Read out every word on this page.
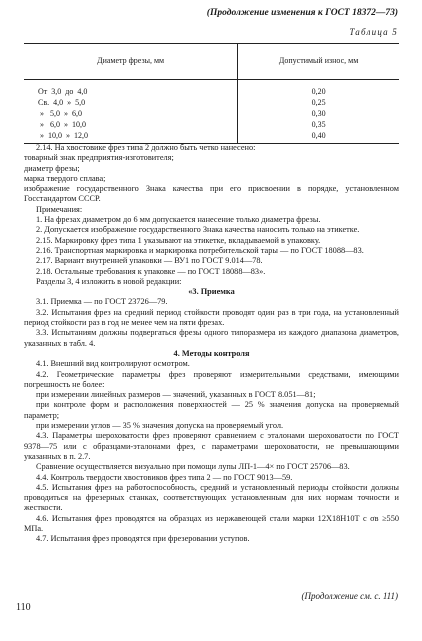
(Продолжение изменения к ГОСТ 18372—73)
Таблица 5
Диаметр фрезы, мм	Допустимый износ, мм

От  3,0  до  4,0	0,20
Св.  4,0  »  5,0	0,25
»   5,0  »  6,0	0,30
»   6,0  »  10,0	0,35
»  10,0  »  12,0	0,40

2.14. На хвостовике фрез типа 2 должно быть четко нанесено:

товарный знак предприятия-изготовителя;

диаметр фрезы;

марка твердого сплава;

изображение государственного Знака качества при его присвоении в порядке, установленном Госстандартом СССР.

Примечания:

1. На фрезах диаметром до 6 мм допускается нанесение только диаметра фрезы.

2. Допускается изображение государственного Знака качества наносить только на этикетке.

2.15. Маркировку фрез типа 1 указывают на этикетке, вкладываемой в упаковку.

2.16. Транспортная маркировка и маркировка потребительской тары — по ГОСТ 18088—83.

2.17. Вариант внутренней упаковки — ВУ1 по ГОСТ 9.014—78.

2.18. Остальные требования к упаковке — по ГОСТ 18088—83».

Разделы 3, 4 изложить в новой редакции:

«3. Приемка

3.1. Приемка — по ГОСТ 23726—79.

3.2. Испытания фрез на средний период стойкости проводят один раз в три года, на установленный период стойкости раз в год не менее чем на пяти фрезах.

3.3. Испытаниям должны подвергаться фрезы одного типоразмера из каждого диапазона диаметров, указанных в табл. 4.

4. Методы контроля

4.1. Внешний вид контролируют осмотром.

4.2. Геометрические параметры фрез проверяют измерительными средствами, имеющими погрешность не более:

при измерении линейных размеров — значений, указанных в ГОСТ 8.051—81;

при контроле форм и расположения поверхностей — 25 % значения допуска на проверяемый параметр;

при измерении углов — 35 % значения допуска на проверяемый угол.

4.3. Параметры шероховатости фрез проверяют сравнением с эталонами шероховатости по ГОСТ 9378—75 или с образцами-эталонами фрез, с параметрами шероховатости, не превышающими указанных в п. 2.7.

Сравнение осуществляется визуально при помощи лупы ЛП-1—4× по ГОСТ 25706—83.

4.4. Контроль твердости хвостовиков фрез типа 2 — по ГОСТ 9013—59.

4.5. Испытания фрез на работоспособность, средний и установленный периоды стойкости должны проводиться на фрезерных станках, соответствующих установленным для них нормам точности и жесткости.

4.6. Испытания фрез проводятся на образцах из нержавеющей стали марки 12Х18Н10Т с σв ≥550 МПа.

4.7. Испытания фрез проводятся при фрезеровании уступов.

(Продолжение см. с. 111)
110
